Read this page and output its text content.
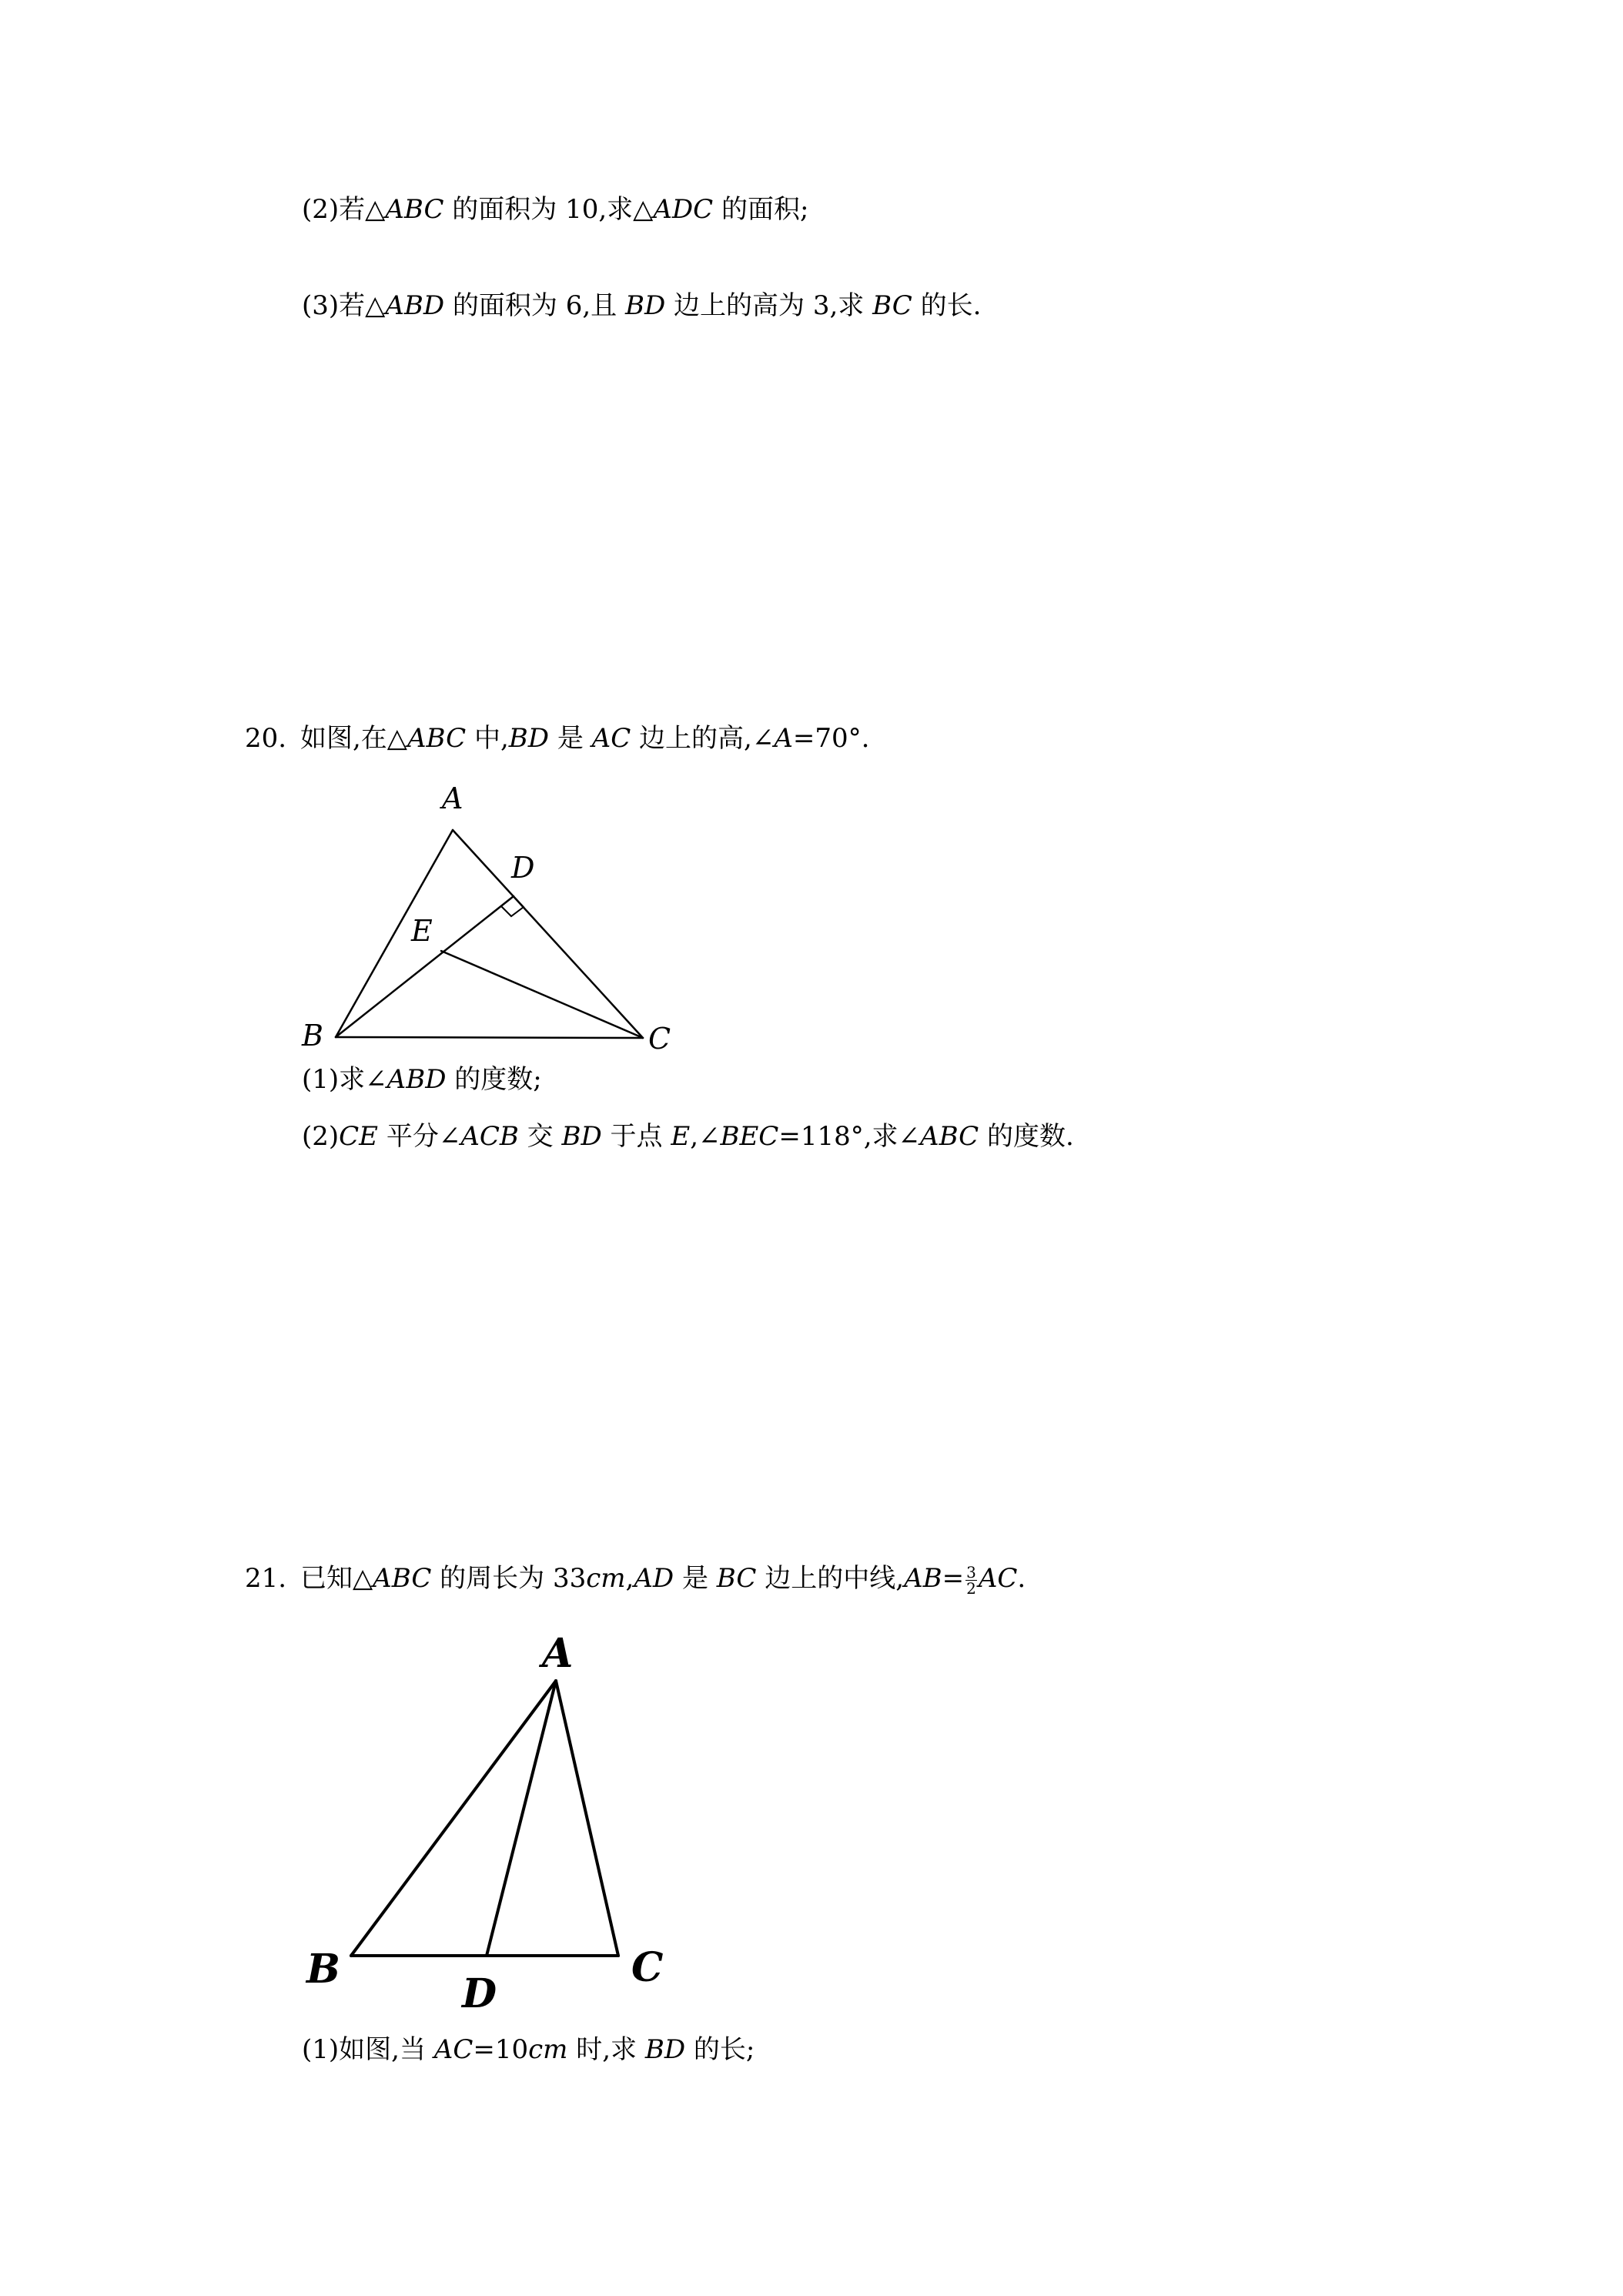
(2)若△ABC 的面积为 10,求△ADC 的面积;
(3)若△ABD 的面积为 6,且 BD 边上的高为 3,求 BC 的长.
20. 如图,在△ABC 中,BD 是 AC 边上的高,∠A=70°.
A
B	C
D
E
(1)求∠ABD 的度数;
(2)CE 平分∠ACB 交 BD 于点 E,∠BEC=118°,求∠ABC 的度数.
21. 已知△ABC 的周长为 33cm,AD 是 BC 边上的中线$,AB= \frac{3}{2}$ AC.
A
B	C
D
(1)如图,当 AC=10cm 时,求 BD 的长;
